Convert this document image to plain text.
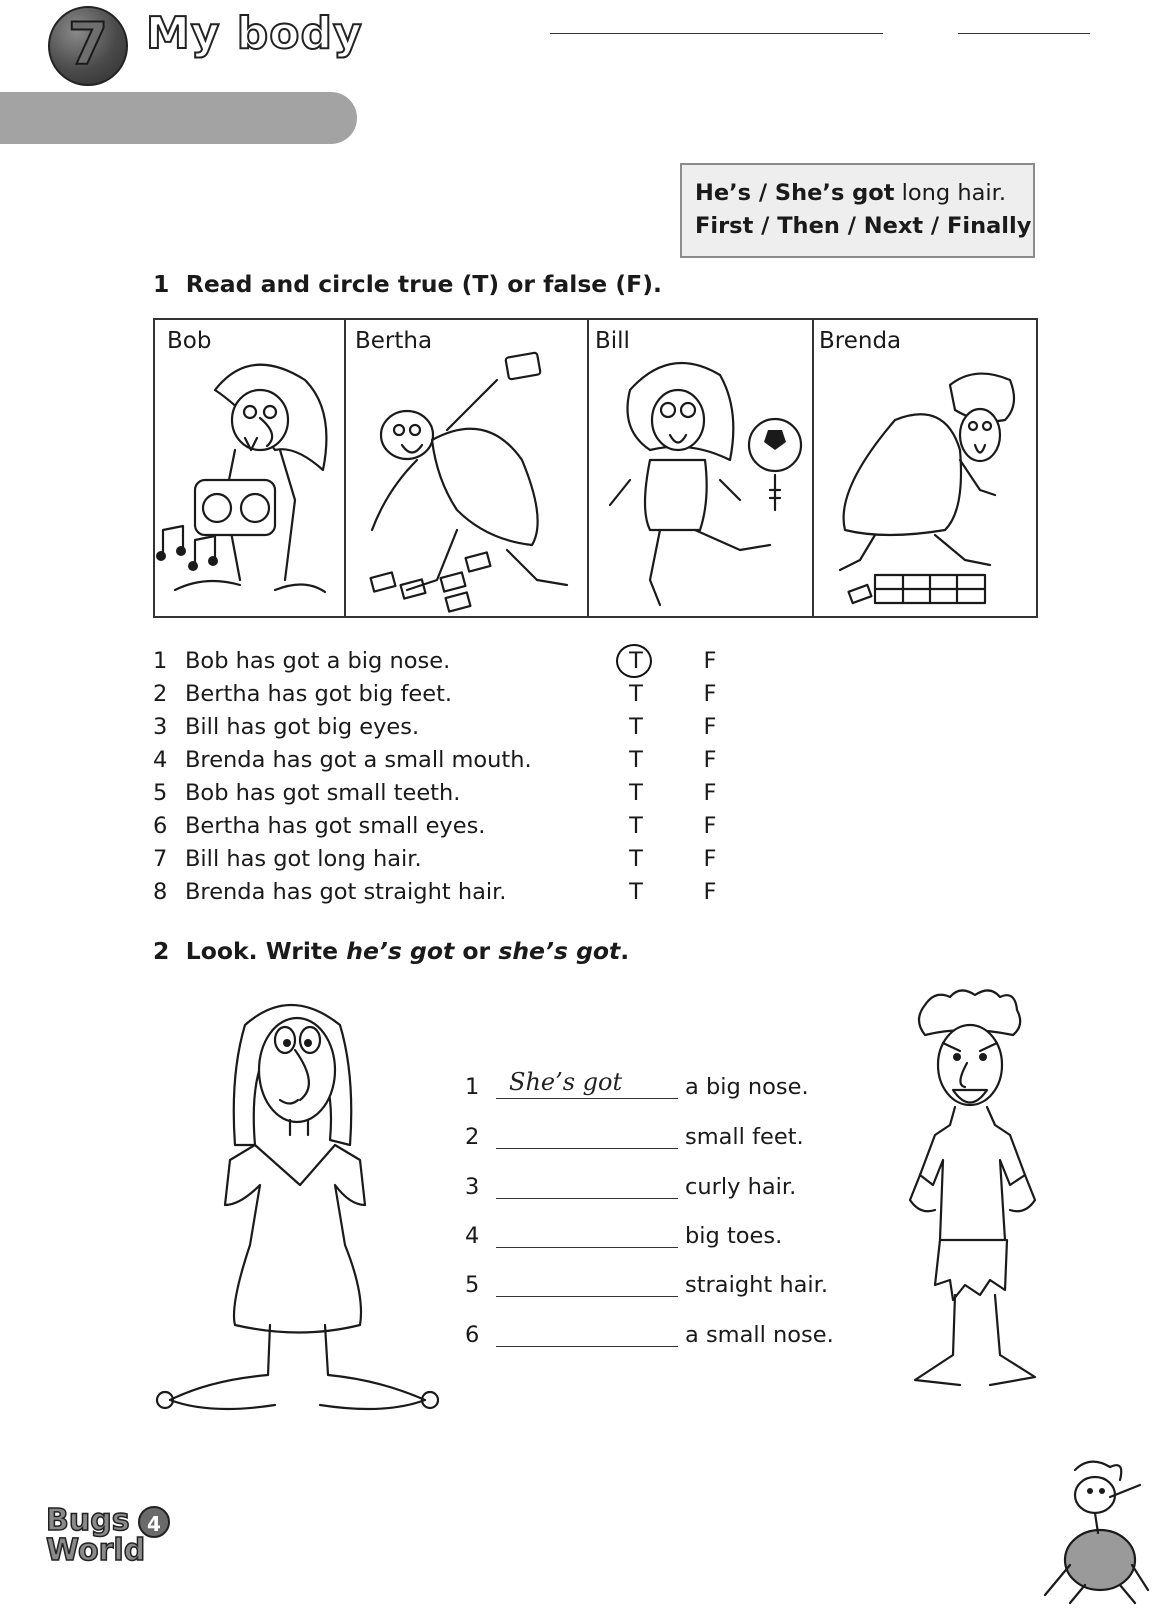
7 My body
He’s / She’s got long hair.
First / Then / Next / Finally
1 Read and circle true (T) or false (F).
Bob	Bertha	Bill	Brenda
1 Bob has got a big nose.	T	F
2 Bertha has got big feet.	T	F
3 Bill has got big eyes.	T	F
4 Brenda has got a small mouth.	T	F
5 Bob has got small teeth.	T	F
6 Bertha has got small eyes.	T	F
7 Bill has got long hair.	T	F
8 Brenda has got straight hair.	T	F
2 Look. Write he’s got or she’s got.
1 She’s got	a big nose.
2	small feet.
3	curly hair.
4	big toes.
5	straight hair.
6	a small nose.
Bugs
World
4
